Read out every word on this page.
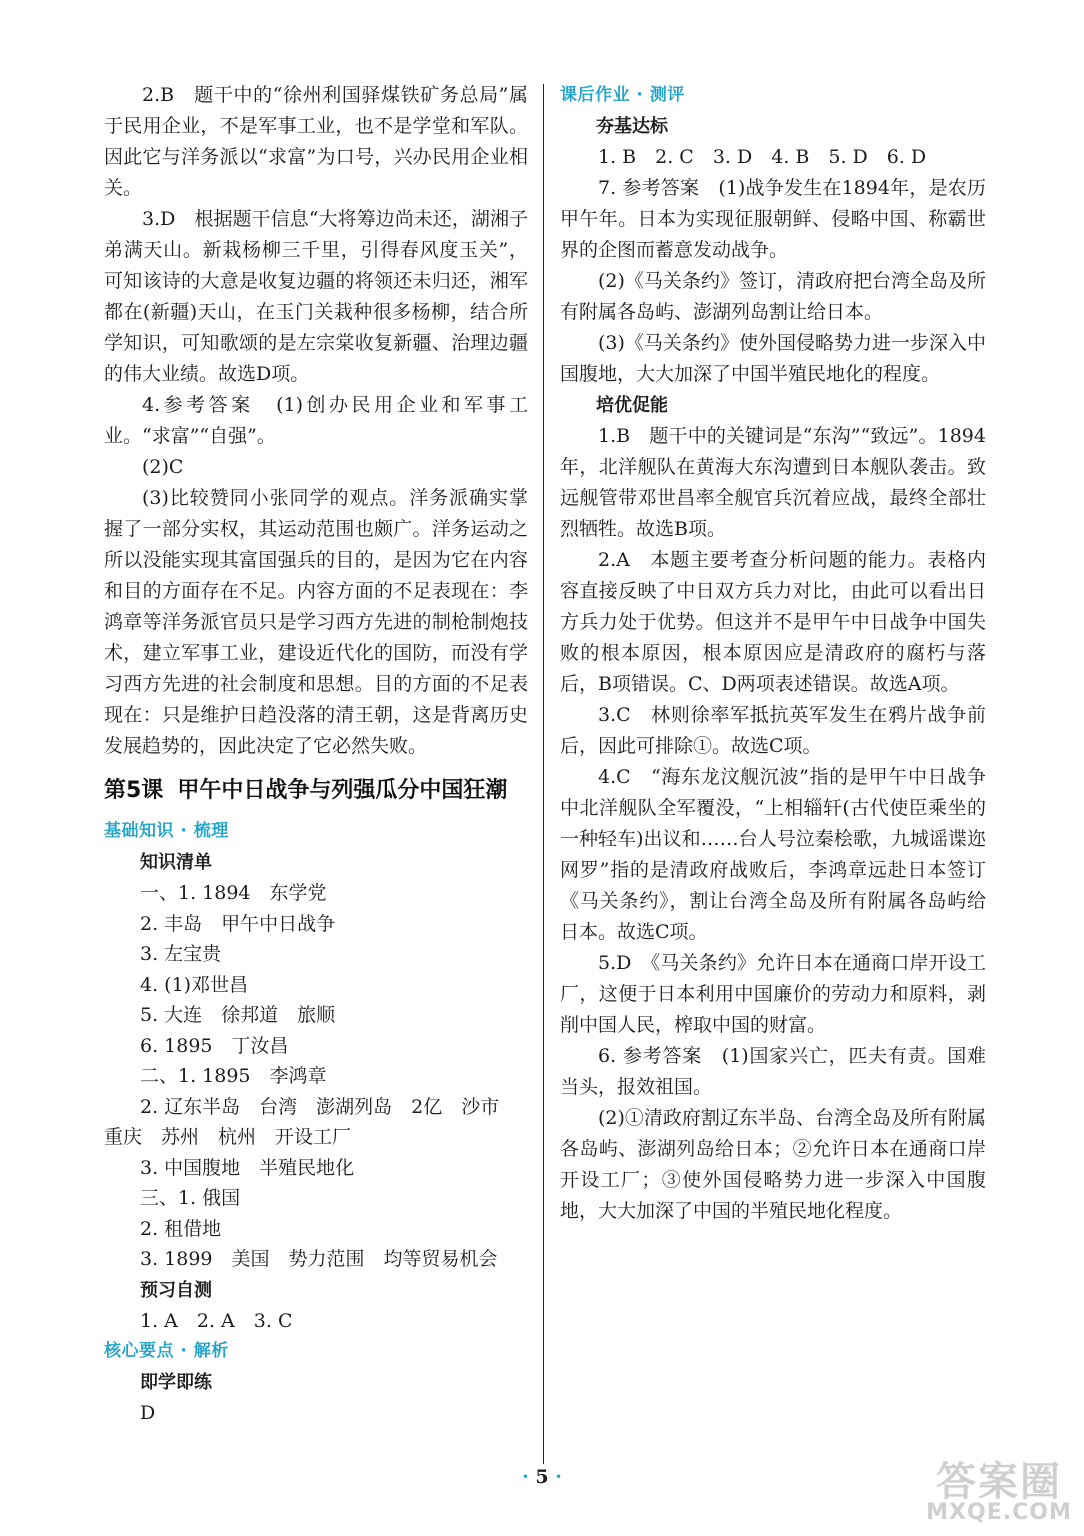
2.B　题干中的“徐州利国驿煤铁矿务总局”属于民用企业，不是军事工业，也不是学堂和军队。因此它与洋务派以“求富”为口号，兴办民用企业相关。

3.D　根据题干信息“大将筹边尚未还，湖湘子弟满天山。新栽杨柳三千里，引得春风度玉关”，可知该诗的大意是收复边疆的将领还未归还，湘军都在(新疆)天山，在玉门关栽种很多杨柳，结合所学知识，可知歌颂的是左宗棠收复新疆、治理边疆的伟大业绩。故选D项。

4.参考答案　(1)创办民用企业和军事工业。“求富”“自强”。

(2)C

(3)比较赞同小张同学的观点。洋务派确实掌握了一部分实权，其运动范围也颇广。洋务运动之所以没能实现其富国强兵的目的，是因为它在内容和目的方面存在不足。内容方面的不足表现在：李鸿章等洋务派官员只是学习西方先进的制枪制炮技术，建立军事工业，建设近代化的国防，而没有学习西方先进的社会制度和思想。目的方面的不足表现在：只是维护日趋没落的清王朝，这是背离历史发展趋势的，因此决定了它必然失败。

第5课 甲午中日战争与列强瓜分中国狂潮

基础知识 · 梳理

知识清单

一、1. 1894　东学党

2. 丰岛　甲午中日战争

3. 左宝贵

4. (1)邓世昌

5. 大连　徐邦道　旅顺

6. 1895　丁汝昌

二、1. 1895　李鸿章

2. 辽东半岛　台湾　澎湖列岛　2亿　沙市　重庆　苏州　杭州　开设工厂

3. 中国腹地　半殖民地化

三、1. 俄国

2. 租借地

3. 1899　美国　势力范围　均等贸易机会

预习自测

1. A　2. A　3. C

核心要点 · 解析

即学即练

D

课后作业 · 测评

夯基达标

1. B　2. C　3. D　4. B　5. D　6. D

7. 参考答案　(1)战争发生在1894年，是农历甲午年。日本为实现征服朝鲜、侵略中国、称霸世界的企图而蓄意发动战争。

(2)《马关条约》签订，清政府把台湾全岛及所有附属各岛屿、澎湖列岛割让给日本。

(3)《马关条约》使外国侵略势力进一步深入中国腹地，大大加深了中国半殖民地化的程度。

培优促能

1.B　题干中的关键词是“东沟”“致远”。1894年，北洋舰队在黄海大东沟遭到日本舰队袭击。致远舰管带邓世昌率全舰官兵沉着应战，最终全部壮烈牺牲。故选B项。

2.A　本题主要考查分析问题的能力。表格内容直接反映了中日双方兵力对比，由此可以看出日方兵力处于优势。但这并不是甲午中日战争中国失败的根本原因，根本原因应是清政府的腐朽与落后，B项错误。C、D两项表述错误。故选A项。

3.C　林则徐率军抵抗英军发生在鸦片战争前后，因此可排除①。故选C项。

4.C　“海东龙汶舰沉波”指的是甲午中日战争中北洋舰队全军覆没，“上相辎轩(古代使臣乘坐的一种轻车)出议和……台人号泣秦桧歌，九城谣谍迩网罗”指的是清政府战败后，李鸿章远赴日本签订《马关条约》，割让台湾全岛及所有附属各岛屿给日本。故选C项。

5.D　《马关条约》允许日本在通商口岸开设工厂，这便于日本利用中国廉价的劳动力和原料，剥削中国人民，榨取中国的财富。

6. 参考答案　(1)国家兴亡，匹夫有责。国难当头，报效祖国。

(2)①清政府割辽东半岛、台湾全岛及所有附属各岛屿、澎湖列岛给日本；②允许日本在通商口岸开设工厂；③使外国侵略势力进一步深入中国腹地，大大加深了中国的半殖民地化程度。

· 5 ·	答案圈
MXQE.COM
